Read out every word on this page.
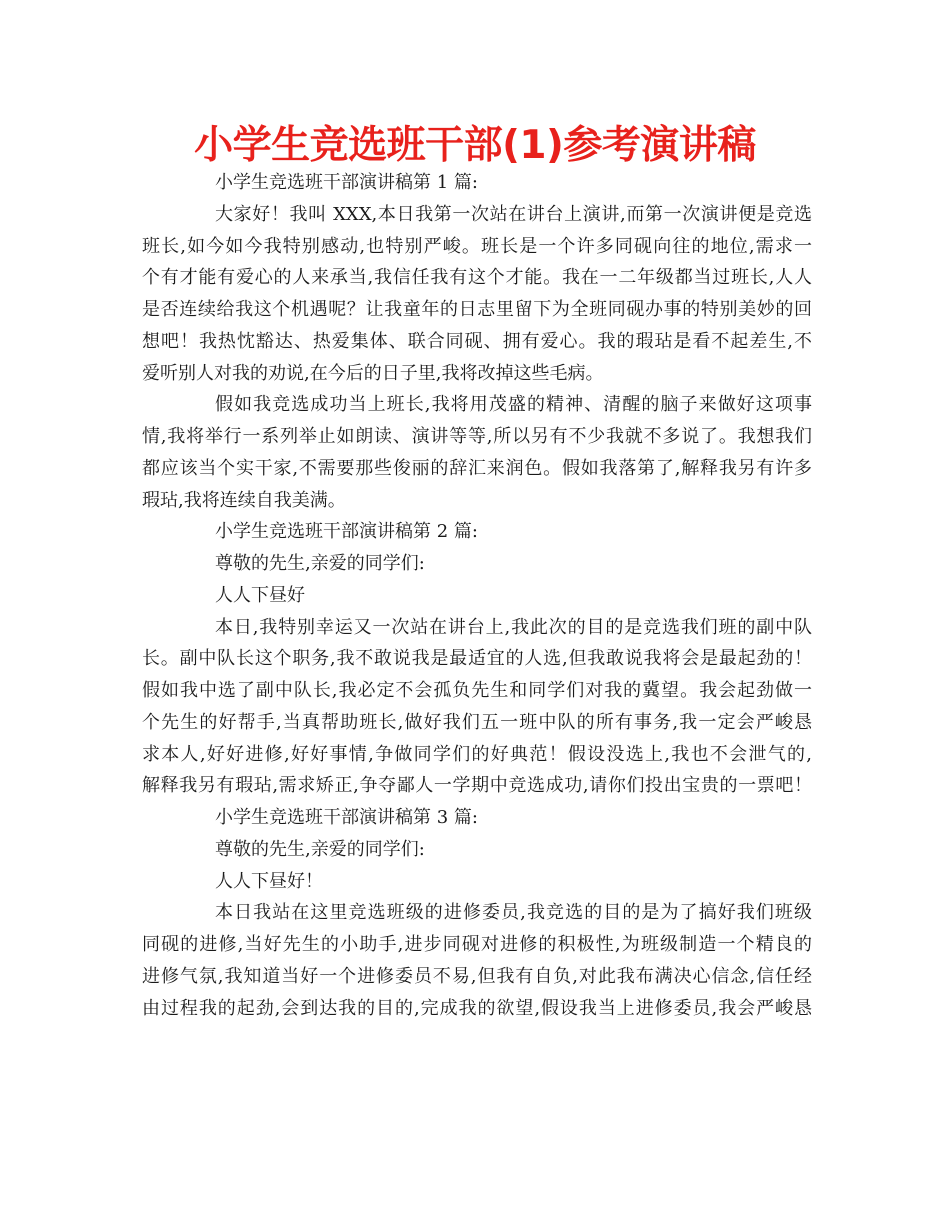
小学生竞选班干部(1)参考演讲稿
小学生竞选班干部演讲稿第 1 篇:
大家好！我叫 XXX,本日我第一次站在讲台上演讲,而第一次演讲便是竞选
班长,如今如今我特别感动,也特别严峻。班长是一个许多同砚向往的地位,需求一
个有才能有爱心的人来承当,我信任我有这个才能。我在一二年级都当过班长,人人
是否连续给我这个机遇呢？让我童年的日志里留下为全班同砚办事的特别美妙的回
想吧！我热忱豁达、热爱集体、联合同砚、拥有爱心。我的瑕玷是看不起差生,不
爱听别人对我的劝说,在今后的日子里,我将改掉这些毛病。
假如我竞选成功当上班长,我将用茂盛的精神、清醒的脑子来做好这项事
情,我将举行一系列举止如朗读、演讲等等,所以另有不少我就不多说了。我想我们
都应该当个实干家,不需要那些俊丽的辞汇来润色。假如我落第了,解释我另有许多
瑕玷,我将连续自我美满。
小学生竞选班干部演讲稿第 2 篇:
尊敬的先生,亲爱的同学们:
人人下昼好
本日,我特别幸运又一次站在讲台上,我此次的目的是竞选我们班的副中队
长。副中队长这个职务,我不敢说我是最适宜的人选,但我敢说我将会是最起劲的！
假如我中选了副中队长,我必定不会孤负先生和同学们对我的冀望。我会起劲做一
个先生的好帮手,当真帮助班长,做好我们五一班中队的所有事务,我一定会严峻恳
求本人,好好进修,好好事情,争做同学们的好典范！假设没选上,我也不会泄气的,
解释我另有瑕玷,需求矫正,争夺鄙人一学期中竞选成功,请你们投出宝贵的一票吧！
小学生竞选班干部演讲稿第 3 篇:
尊敬的先生,亲爱的同学们:
人人下昼好！
本日我站在这里竞选班级的进修委员,我竞选的目的是为了搞好我们班级
同砚的进修,当好先生的小助手,进步同砚对进修的积极性,为班级制造一个精良的
进修气氛,我知道当好一个进修委员不易,但我有自负,对此我布满决心信念,信任经
由过程我的起劲,会到达我的目的,完成我的欲望,假设我当上进修委员,我会严峻恳
